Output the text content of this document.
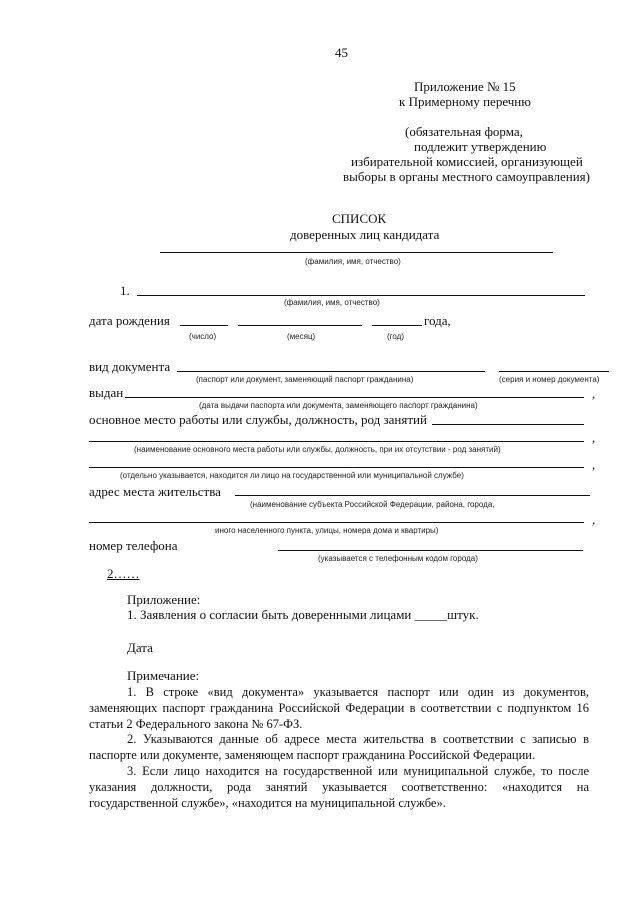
45
Приложение № 15
к Примерному перечню
(обязательная форма,
подлежит утверждению
избирательной комиссией, организующей
выборы в органы местного самоуправления)
СПИСОК
доверенных лиц кандидата
(фамилия, имя, отчество)
1.
(фамилия, имя, отчество)
дата рождения	года,
(число)	(месяц)	(год)
вид документа
(паспорт или документ, заменяющий паспорт гражданина)	(серия и номер документа)
выдан	,
(дата выдачи паспорта или документа, заменяющего паспорт гражданина)
основное место работы или службы, должность, род занятий
,
(наименование основного места работы или службы, должность, при их отсутствии - род занятий)
,
(отдельно указывается, находится ли лицо на государственной или муниципальной службе)
адрес места жительства
(наименование субъекта Российской Федерации, района, города,
,
иного населенного пункта, улицы, номера дома и квартиры)
номер телефона
(указывается с телефонным кодом города)
2……
Приложение:
1. Заявления о согласии быть доверенными лицами _____штук.
Дата
Примечание:
1. В строке «вид документа» указывается паспорт или один из документов, заменяющих паспорт гражданина Российской Федерации в соответствии с подпунктом 16 статьи 2 Федерального закона № 67-ФЗ.
2. Указываются данные об адресе места жительства в соответствии с записью в паспорте или документе, заменяющем паспорт гражданина Российской Федерации.
3. Если лицо находится на государственной или муниципальной службе, то после указания должности, рода занятий указывается соответственно: «находится на государственной службе», «находится на муниципальной службе».
